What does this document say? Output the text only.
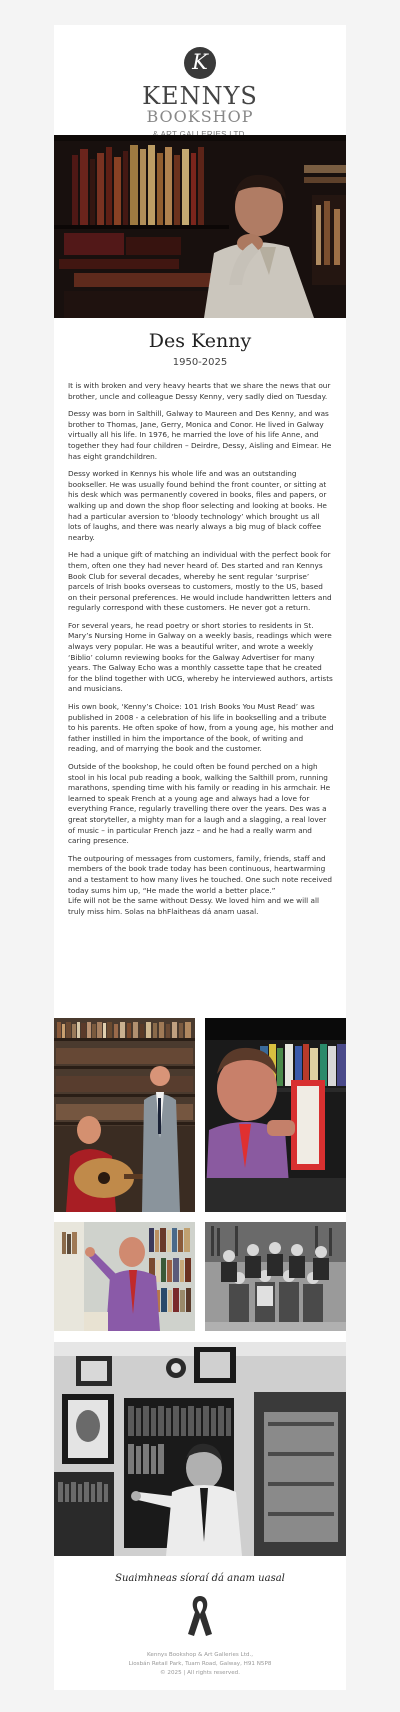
K
KENNYS
BOOKSHOP
Des Kenny
1950-2025

It is with broken and very heavy hearts that we share the news that our brother, uncle and colleague Dessy Kenny, very sadly died on Tuesday.

Dessy was born in Salthill, Galway to Maureen and Des Kenny, and was brother to Thomas, Jane, Gerry, Monica and Conor. He lived in Galway virtually all his life. In 1976, he married the love of his life Anne, and together they had four children – Deirdre, Dessy, Aisling and Eimear. He has eight grandchildren.

Dessy worked in Kennys his whole life and was an outstanding bookseller. He was usually found behind the front counter, or sitting at his desk which was permanently covered in books, files and papers, or walking up and down the shop floor selecting and looking at books. He had a particular aversion to ‘bloody technology’ which brought us all lots of laughs, and there was nearly always a big mug of black coffee nearby.

He had a unique gift of matching an individual with the perfect book for them, often one they had never heard of. Des started and ran Kennys Book Club for several decades, whereby he sent regular ‘surprise’ parcels of Irish books overseas to customers, mostly to the US, based on their personal preferences. He would include handwritten letters and regularly correspond with these customers. He never got a return.

For several years, he read poetry or short stories to residents in St. Mary’s Nursing Home in Galway on a weekly basis, readings which were always very popular. He was a beautiful writer, and wrote a weekly ‘Biblio’ column reviewing books for the Galway Advertiser for many years. The Galway Echo was a monthly cassette tape that he created for the blind together with UCG, whereby he interviewed authors, artists and musicians.

His own book, ‘Kenny’s Choice: 101 Irish Books You Must Read’ was published in 2008 - a celebration of his life in bookselling and a tribute to his parents. He often spoke of how, from a young age, his mother and father instilled in him the importance of the book, of writing and reading, and of marrying the book and the customer.

Outside of the bookshop, he could often be found perched on a high stool in his local pub reading a book, walking the Salthill prom, running marathons, spending time with his family or reading in his armchair. He learned to speak French at a young age and always had a love for everything France, regularly travelling there over the years. Des was a great storyteller, a mighty man for a laugh and a slagging, a real lover of music – in particular French jazz – and he had a really warm and caring presence.

The outpouring of messages from customers, family, friends, staff and members of the book trade today has been continuous, heartwarming and a testament to how many lives he touched. One such note received today sums him up, “He made the world a better place.”

Life will not be the same without Dessy. We loved him and we will all truly miss him. Solas na bhFlaitheas dá anam uasal.

Suaimhneas síoraí dá anam uasal
Kennys Bookshop & Art Galleries Ltd.,
Liosbán Retail Park, Tuam Road, Galway, H91 N5P8
© 2025 | All rights reserved.
